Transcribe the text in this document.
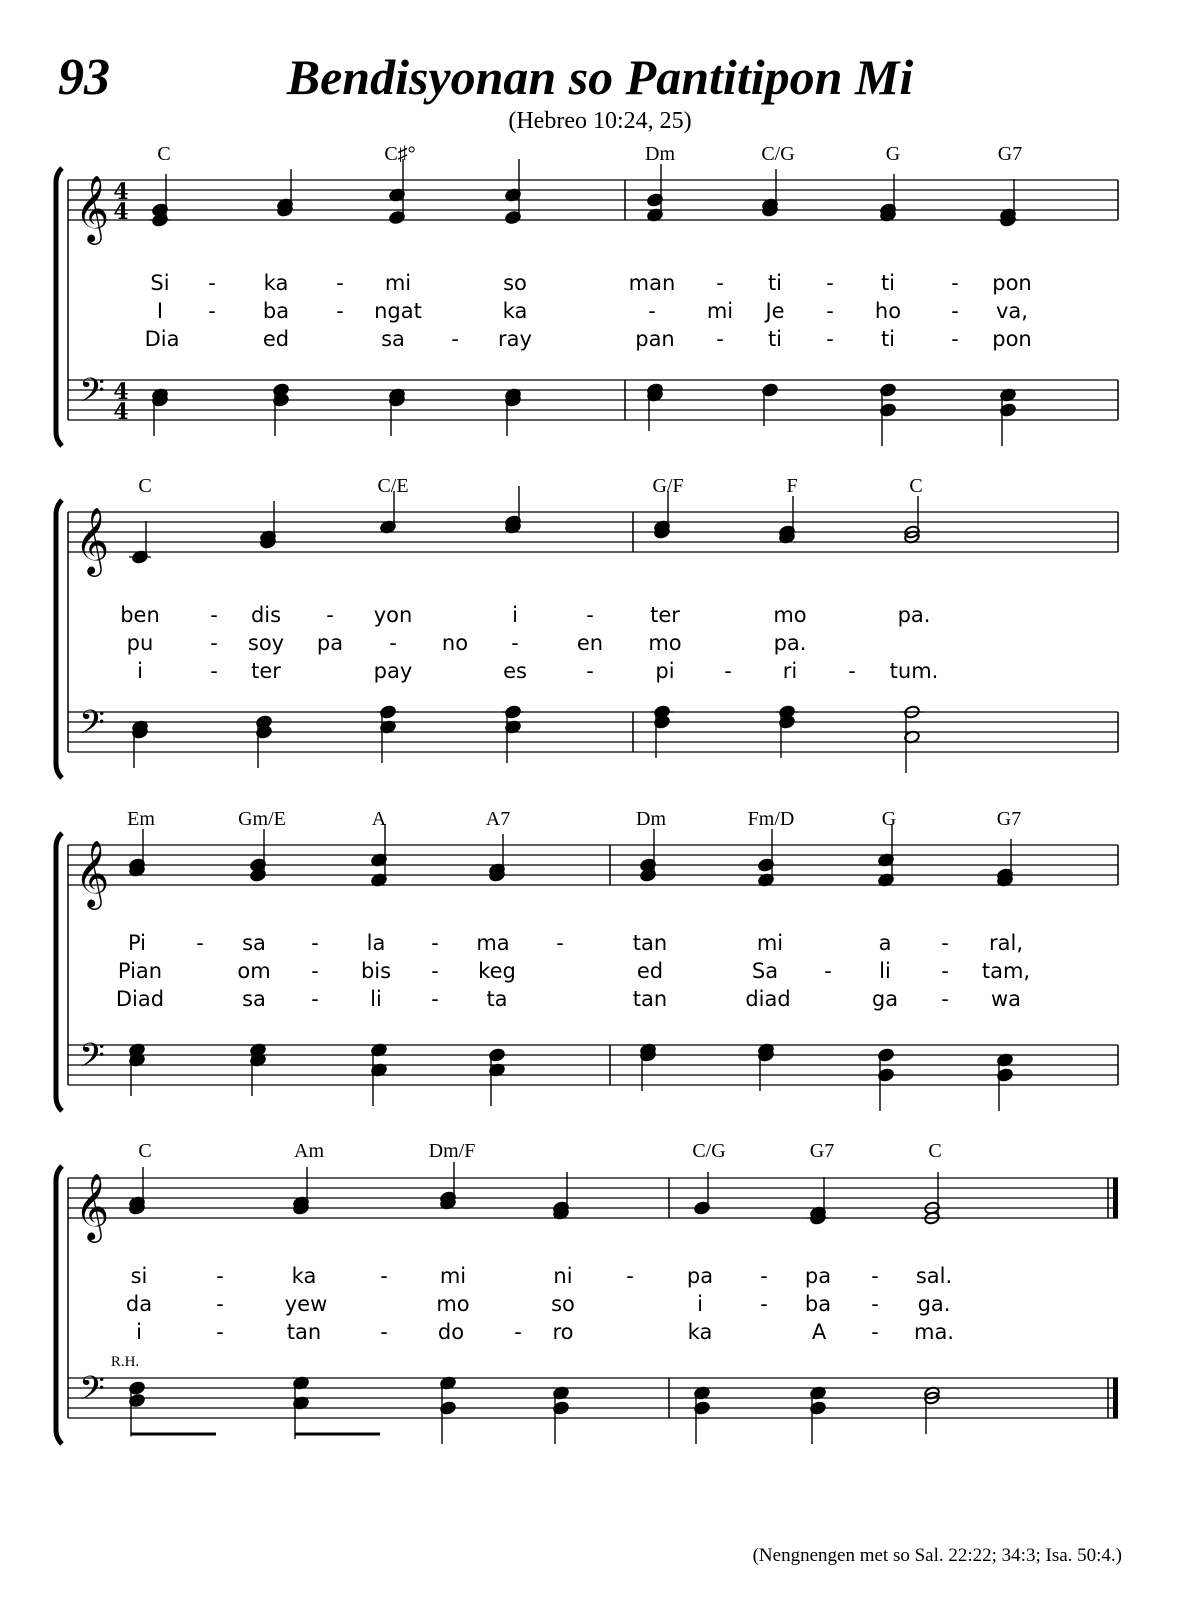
93	Bendisyonan so Pantitipon Mi
(Hebreo 10:24, 25)
𝄞
𝄢
4
4
4
4
C	C♯°	Dm	C/G	G	G7
Si - ka - mi	so	man - ti - ti	- pon
I - ba - ngat	ka	- mi Je - ho - va,
Dia	ed	sa - ray	pan - ti - ti	- pon
𝄞
𝄢
C	C/E	G/F	F	C
ben - dis - yon	i	-	ter	mo	pa.
pu	- soy pa - no -	en mo	pa.
i	- ter	pay	es	-	pi - ri - tum.
𝄞
𝄢
Em	Gm/E	A	A7	Dm	Fm/D	G	G7
Pi - sa - la - ma -	tan	mi	a - ral,
Pian	om - bis - keg	ed	Sa - li - tam,
Diad	sa - li - ta	tan	diad	ga - wa
𝄞
𝄢
C	Am	Dm/F	C/G	G7	C
si	-	ka	- mi	ni	-	pa - pa - sal.
da	-	yew	mo	so	i	- ba - ga.
i	-	tan	- do - ro	ka	A - ma.
R.H.
(Nengnengen met so Sal. 22:22; 34:3; Isa. 50:4.)
